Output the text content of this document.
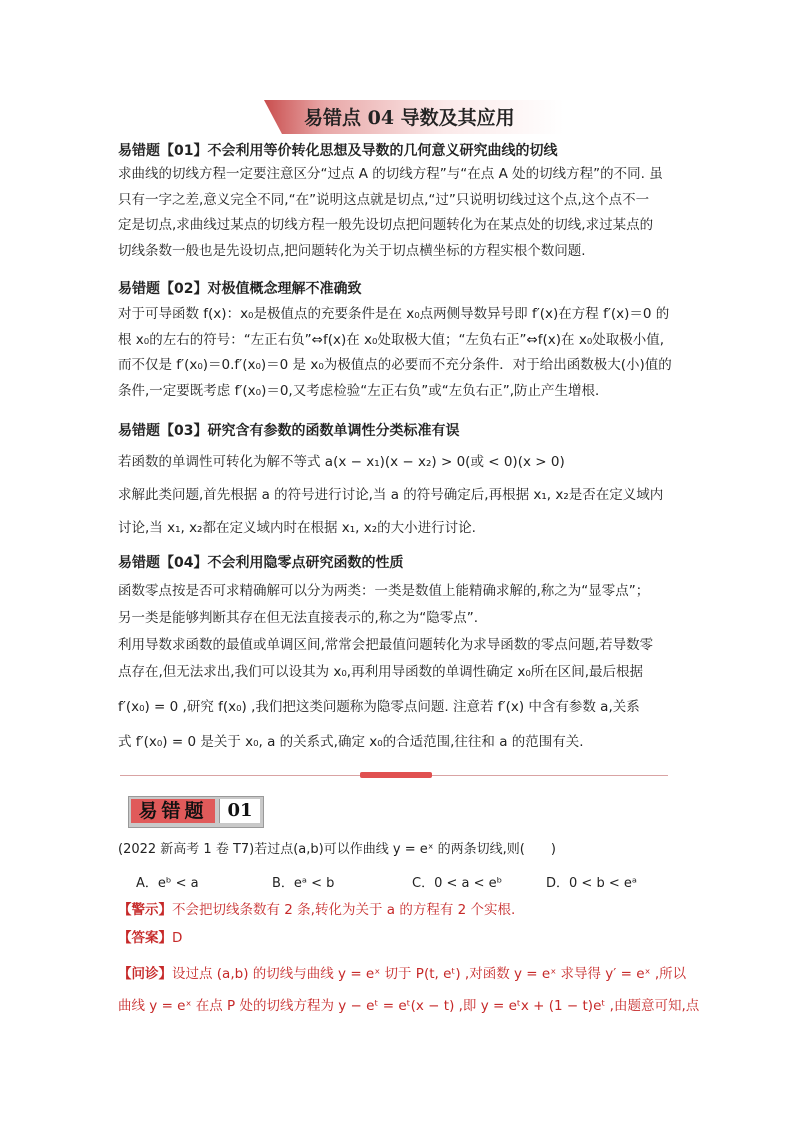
易错点 04 导数及其应用
易错题【01】不会利用等价转化思想及导数的几何意义研究曲线的切线
求曲线的切线方程一定要注意区分“过点 A 的切线方程”与“在点 A 处的切线方程”的不同. 虽
只有一字之差,意义完全不同,“在”说明这点就是切点,“过”只说明切线过这个点,这个点不一
定是切点,求曲线过某点的切线方程一般先设切点把问题转化为在某点处的切线,求过某点的
切线条数一般也是先设切点,把问题转化为关于切点横坐标的方程实根个数问题.
易错题【02】对极值概念理解不准确致
对于可导函数 f(x)：x₀是极值点的充要条件是在 x₀点两侧导数异号即 f′(x)在方程 f′(x)＝0 的
根 x₀的左右的符号：“左正右负”⇔f(x)在 x₀处取极大值；“左负右正”⇔f(x)在 x₀处取极小值,
而不仅是 f′(x₀)＝0.f′(x₀)＝0 是 x₀为极值点的必要而不充分条件．对于给出函数极大(小)值的
条件,一定要既考虑 f′(x₀)＝0,又考虑检验“左正右负”或“左负右正”,防止产生增根．
易错题【03】研究含有参数的函数单调性分类标准有误
若函数的单调性可转化为解不等式 a(x − x₁)(x − x₂) > 0(或 < 0)(x > 0)
求解此类问题,首先根据 a 的符号进行讨论,当 a 的符号确定后,再根据 x₁, x₂是否在定义域内
讨论,当 x₁, x₂都在定义域内时在根据 x₁, x₂的大小进行讨论.
易错题【04】不会利用隐零点研究函数的性质
函数零点按是否可求精确解可以分为两类：一类是数值上能精确求解的,称之为“显零点”；
另一类是能够判断其存在但无法直接表示的,称之为“隐零点”.
利用导数求函数的最值或单调区间,常常会把最值问题转化为求导函数的零点问题,若导数零
点存在,但无法求出,我们可以设其为 x₀,再利用导函数的单调性确定 x₀所在区间,最后根据
f′(x₀) = 0 ,研究 f(x₀) ,我们把这类问题称为隐零点问题. 注意若 f′(x) 中含有参数 a,关系
式 f′(x₀) = 0 是关于 x₀, a 的关系式,确定 x₀的合适范围,往往和 a 的范围有关.
易错题	01
(2022 新高考 1 卷 T7)若过点(a,b)可以作曲线 y = eˣ 的两条切线,则(　　)
A．eᵇ < a	B．eᵃ < b	C．0 < a < eᵇ	D．0 < b < eᵃ
【警示】不会把切线条数有 2 条,转化为关于 a 的方程有 2 个实根.
【答案】D
【问诊】设过点 (a,b) 的切线与曲线 y = eˣ 切于 P(t, eᵗ) ,对函数 y = eˣ 求导得 y′ = eˣ ,所以
曲线 y = eˣ 在点 P 处的切线方程为 y − eᵗ = eᵗ(x − t) ,即 y = eᵗx + (1 − t)eᵗ ,由题意可知,点
